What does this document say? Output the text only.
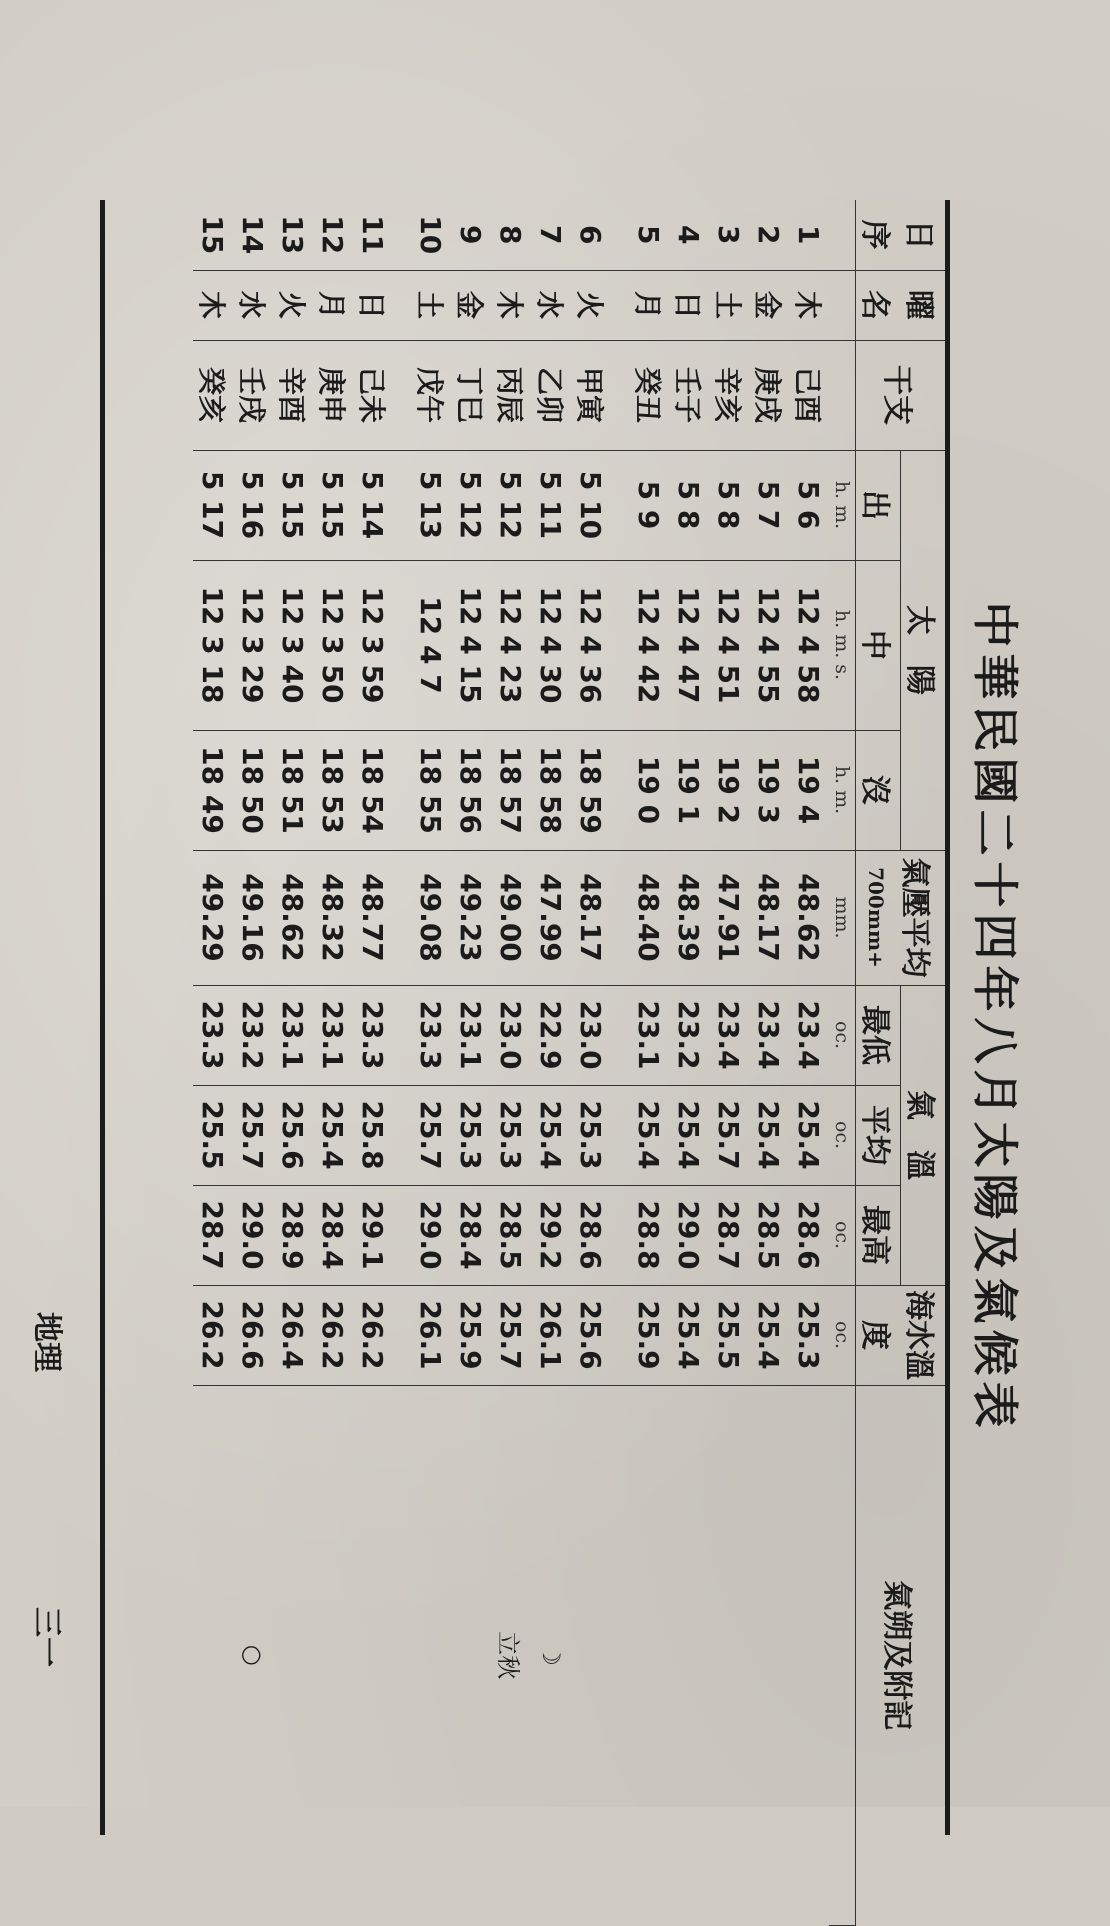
中華民國二十四年八月太陽及氣候表
日
序	曜
名	干支	太　陽			氣壓平均
700mm+	氣　溫			海水溫度	氣朔及附記
			出	中	沒		最低	平均	最高		
			h. m.	h. m. s.	h. m.	mm.	oc.	oc.	oc.	oc.	
1	木	己酉	5 6	12 4 58	19 4	48.62	23.4	25.4	28.6	25.3	
2	金	庚戌	5 7	12 4 55	19 3	48.17	23.4	25.4	28.5	25.4	
3	土	辛亥	5 8	12 4 51	19 2	47.91	23.4	25.7	28.7	25.5	
4	日	壬子	5 8	12 4 47	19 1	48.39	23.2	25.4	29.0	25.4	
5	月	癸丑	5 9	12 4 42	19 0	48.40	23.1	25.4	28.8	25.9	

6	火	甲寅	5 10	12 4 36	18 59	48.17	23.0	25.3	28.6	25.6	
7	水	乙卯	5 11	12 4 30	18 58	47.99	22.9	25.4	29.2	26.1	☽
8	木	丙辰	5 12	12 4 23	18 57	49.00	23.0	25.3	28.5	25.7	立秋
9	金	丁巳	5 12	12 4 15	18 56	49.23	23.1	25.3	28.4	25.9	
10	土	戊午	5 13	12 4 7	18 55	49.08	23.3	25.7	29.0	26.1	

11	日	己未	5 14	12 3 59	18 54	48.77	23.3	25.8	29.1	26.2	
12	月	庚申	5 15	12 3 50	18 53	48.32	23.1	25.4	28.4	26.2	
13	火	辛酉	5 15	12 3 40	18 51	48.62	23.1	25.6	28.9	26.4	
14	水	壬戌	5 16	12 3 29	18 50	49.16	23.2	25.7	29.0	26.6	○
15	木	癸亥	5 17	12 3 18	18 49	49.29	23.3	25.5	28.7	26.2	
地理
三一
